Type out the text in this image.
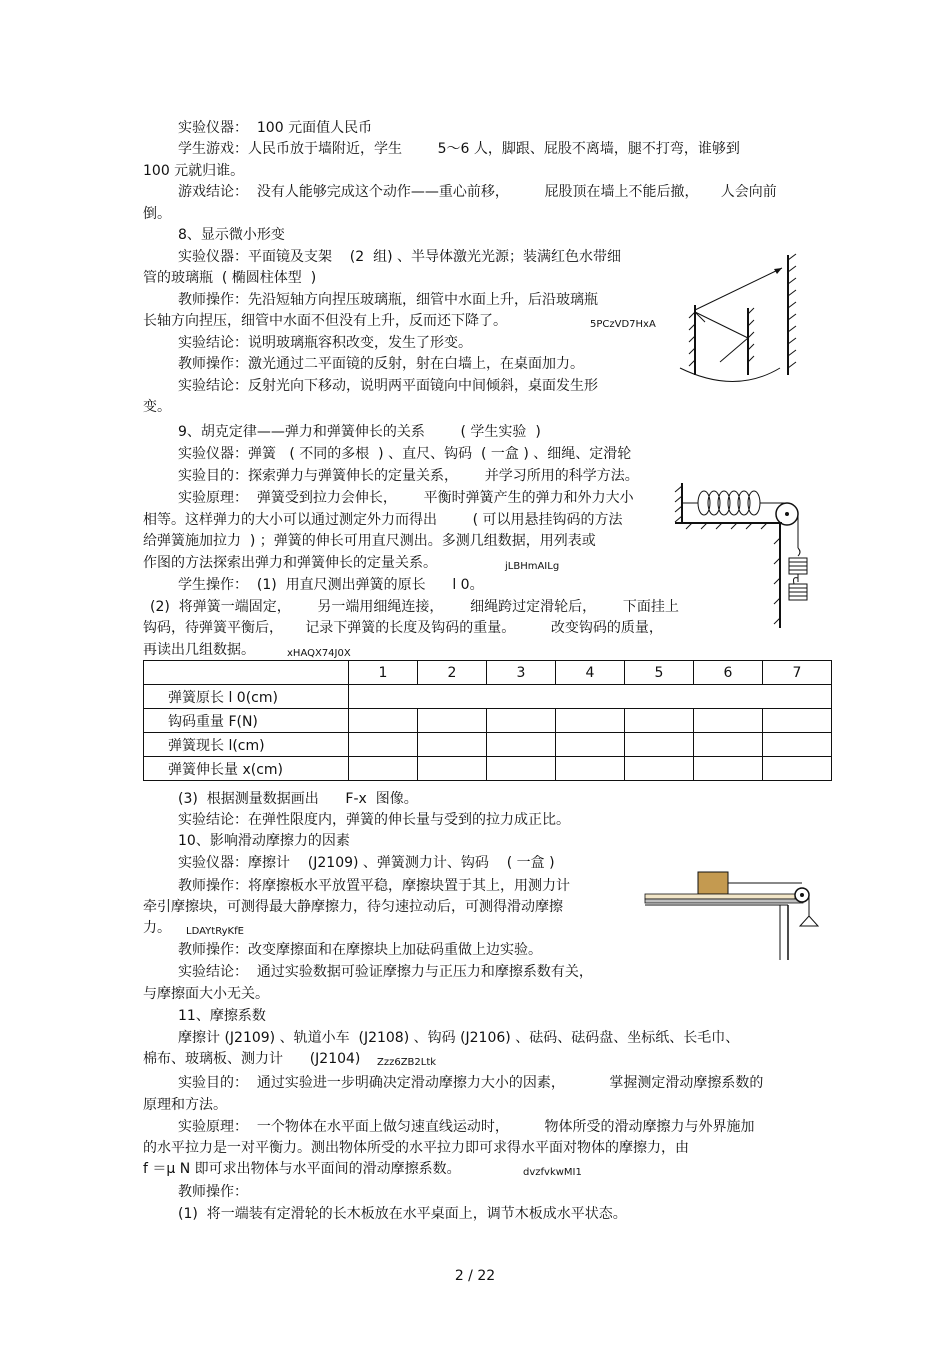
实验仪器：  100 元面值人民币
学生游戏：人民币放于墙附近，学生        5～6 人，脚跟、屁股不离墙，腿不打弯，谁够到
100 元就归谁。
游戏结论：  没有人能够完成这个动作——重心前移，        屁股顶在墙上不能后撤，     人会向前
倒。
8、显示微小形变
实验仪器：平面镜及支架    (2  组) 、半导体激光光源；装满红色水带细
管的玻璃瓶  ( 椭圆柱体型  )
教师操作：先沿短轴方向捏压玻璃瓶，细管中水面上升，后沿玻璃瓶
长轴方向捏压，细管中水面不但没有上升，反而还下降了。	5PCzVD7HxA
实验结论：说明玻璃瓶容积改变，发生了形变。
教师操作：激光通过二平面镜的反射，射在白墙上，在桌面加力。
实验结论：反射光向下移动，说明两平面镜向中间倾斜，桌面发生形
变。
9、胡克定律——弹力和弹簧伸长的关系        ( 学生实验  )
实验仪器：弹簧   ( 不同的多根  ) 、直尺、钩码  ( 一盒 ) 、细绳、定滑轮
实验目的：探索弹力与弹簧伸长的定量关系，      并学习所用的科学方法。
实验原理：  弹簧受到拉力会伸长，      平衡时弹簧产生的弹力和外力大小
相等。这样弹力的大小可以通过测定外力而得出        ( 可以用悬挂钩码的方法
给弹簧施加拉力  ) ；弹簧的伸长可用直尺测出。多测几组数据，用列表或
作图的方法探索出弹力和弹簧伸长的定量关系。	jLBHmAILg
学生操作：  (1)  用直尺测出弹簧的原长      l 0。
(2)  将弹簧一端固定，      另一端用细绳连接，      细绳跨过定滑轮后，      下面挂上
钩码，待弹簧平衡后，     记录下弹簧的长度及钩码的重量。        改变钩码的质量，
再读出几组数据。	xHAQX74J0X
	1	2	3	4	5	6	7
弹簧原长 l 0(cm)							
钩码重量 F(N)							
弹簧现长 l(cm)							
弹簧伸长量 x(cm)							
(3)  根据测量数据画出      F-x  图像。
实验结论：在弹性限度内，弹簧的伸长量与受到的拉力成正比。
10、影响滑动摩擦力的因素
实验仪器：摩擦计    (J2109) 、弹簧测力计、钩码    ( 一盒 )
教师操作：将摩擦板水平放置平稳，摩擦块置于其上，用测力计
牵引摩擦块，可测得最大静摩擦力，待匀速拉动后，可测得滑动摩擦
力。 LDAYtRyKfE
教师操作：改变摩擦面和在摩擦块上加砝码重做上边实验。
实验结论：  通过实验数据可验证摩擦力与正压力和摩擦系数有关，
与摩擦面大小无关。
11、摩擦系数
摩擦计 (J2109) 、轨道小车  (J2108) 、钩码 (J2106) 、砝码、砝码盘、坐标纸、长毛巾、
棉布、玻璃板、测力计      (J2104) Zzz6ZB2Ltk
实验目的：  通过实验进一步明确决定滑动摩擦力大小的因素，          掌握测定滑动摩擦系数的
原理和方法。
实验原理：  一个物体在水平面上做匀速直线运动时，        物体所受的滑动摩擦力与外界施加
的水平拉力是一对平衡力。测出物体所受的水平拉力即可求得水平面对物体的摩擦力，由
f ＝μ N 即可求出物体与水平面间的滑动摩擦系数。	dvzfvkwMI1
教师操作：
(1)  将一端装有定滑轮的长木板放在水平桌面上，调节木板成水平状态。
2 / 22
